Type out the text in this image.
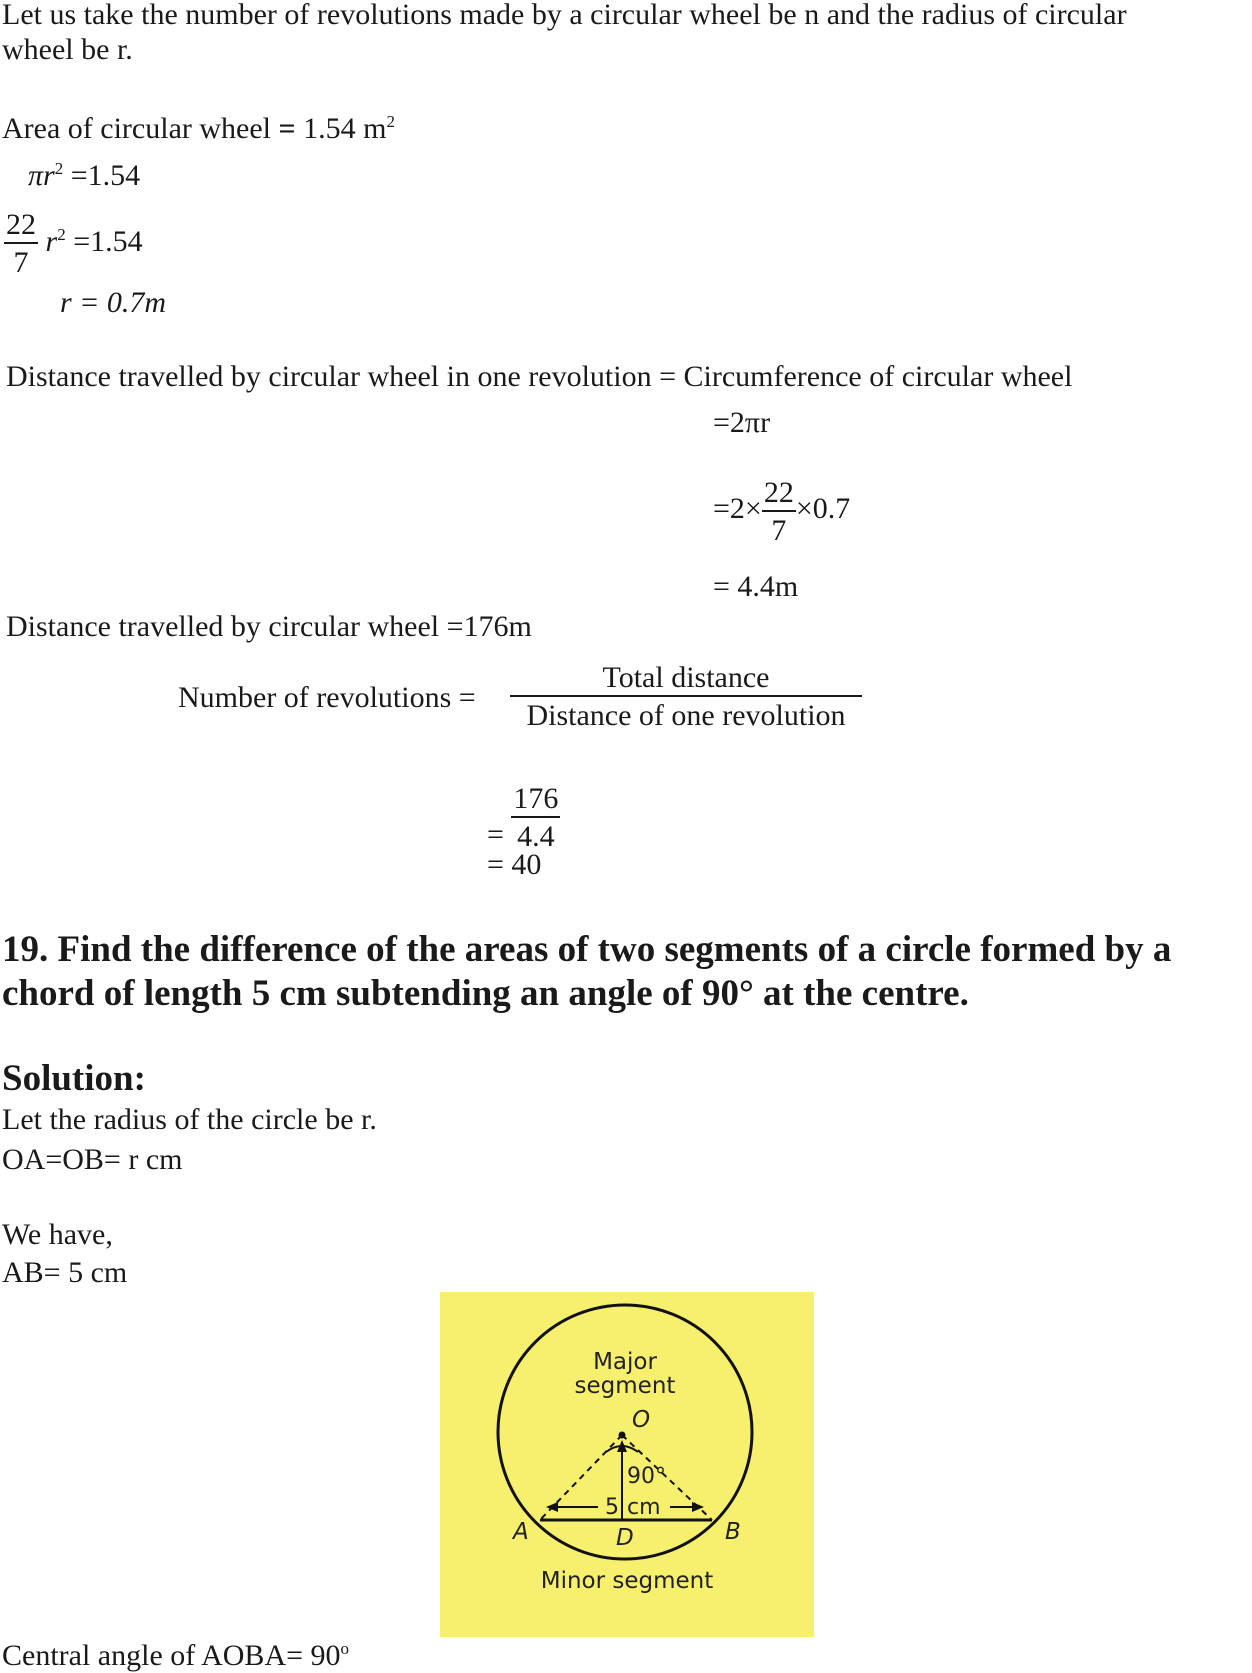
Let us take the number of revolutions made by a circular wheel be n and the radius of circular
wheel be r.
Area of circular wheel = 1.54 $m^2$
$\pi r^2 =1.54$
$\frac{22}{7} r^2 =1.54$
r = 0.7m
Distance travelled by circular wheel in one revolution = Circumference of circular wheel
=2πr
$=2\times \frac{22}{7} \times 0.7$
= 4.4m
Distance travelled by circular wheel =176m
Number of revolutions = $\frac{\text{Total distance}}{\text{Distance of one revolution}}$
= $\frac{176}{4.4}$
= 40
19. Find the difference of the areas of two segments of a circle formed by a chord of length 5 cm subtending an angle of 90° at the centre.
Solution:
Let the radius of the circle be r.
OA=OB= r cm
We have,
AB= 5 cm
Major
segment
O
90°
5 cm
A	B
D
Minor segment
Central angle of AOBA= $90^o$
